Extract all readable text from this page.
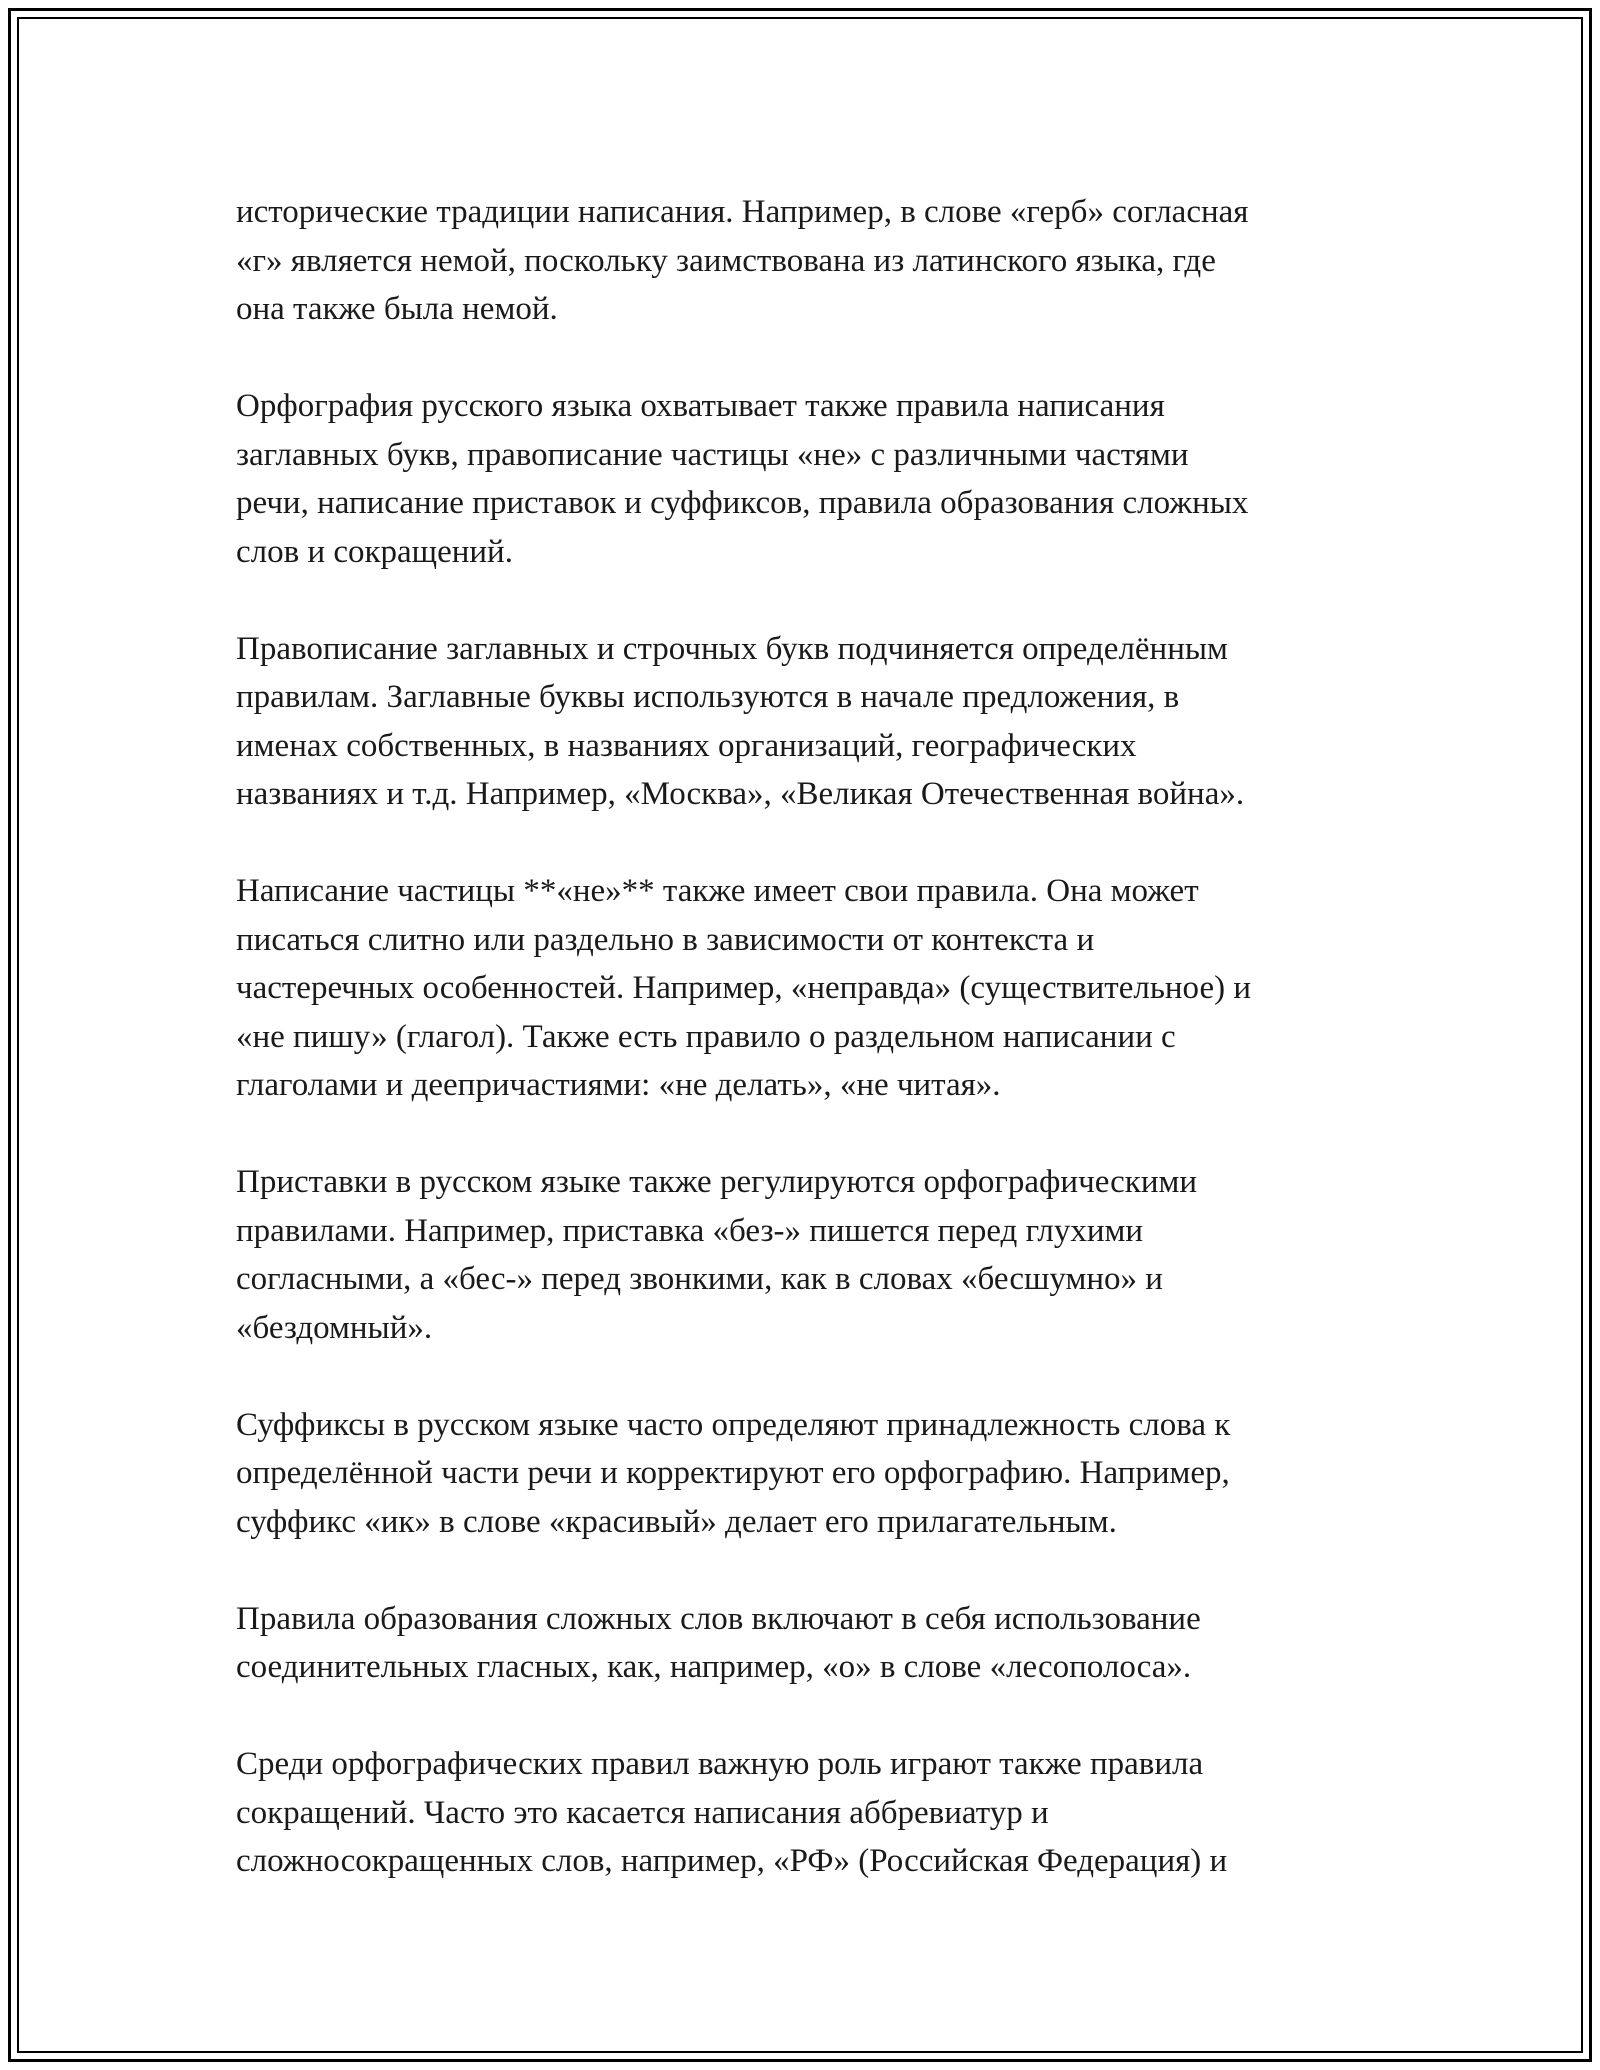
исторические традиции написания. Например, в слове «герб» согласная
«г» является немой, поскольку заимствована из латинского языка, где
она также была немой.

Орфография русского языка охватывает также правила написания
заглавных букв, правописание частицы «не» с различными частями
речи, написание приставок и суффиксов, правила образования сложных
слов и сокращений.

Правописание заглавных и строчных букв подчиняется определённым
правилам. Заглавные буквы используются в начале предложения, в
именах собственных, в названиях организаций, географических
названиях и т.д. Например, «Москва», «Великая Отечественная война».

Написание частицы **«не»** также имеет свои правила. Она может
писаться слитно или раздельно в зависимости от контекста и
частеречных особенностей. Например, «неправда» (существительное) и
«не пишу» (глагол). Также есть правило о раздельном написании с
глаголами и деепричастиями: «не делать», «не читая».

Приставки в русском языке также регулируются орфографическими
правилами. Например, приставка «без-» пишется перед глухими
согласными, а «бес-» перед звонкими, как в словах «бесшумно» и
«бездомный».

Суффиксы в русском языке часто определяют принадлежность слова к
определённой части речи и корректируют его орфографию. Например,
суффикс «ик» в слове «красивый» делает его прилагательным.

Правила образования сложных слов включают в себя использование
соединительных гласных, как, например, «о» в слове «лесополоса».

Среди орфографических правил важную роль играют также правила
сокращений. Часто это касается написания аббревиатур и
сложносокращенных слов, например, «РФ» (Российская Федерация) и
